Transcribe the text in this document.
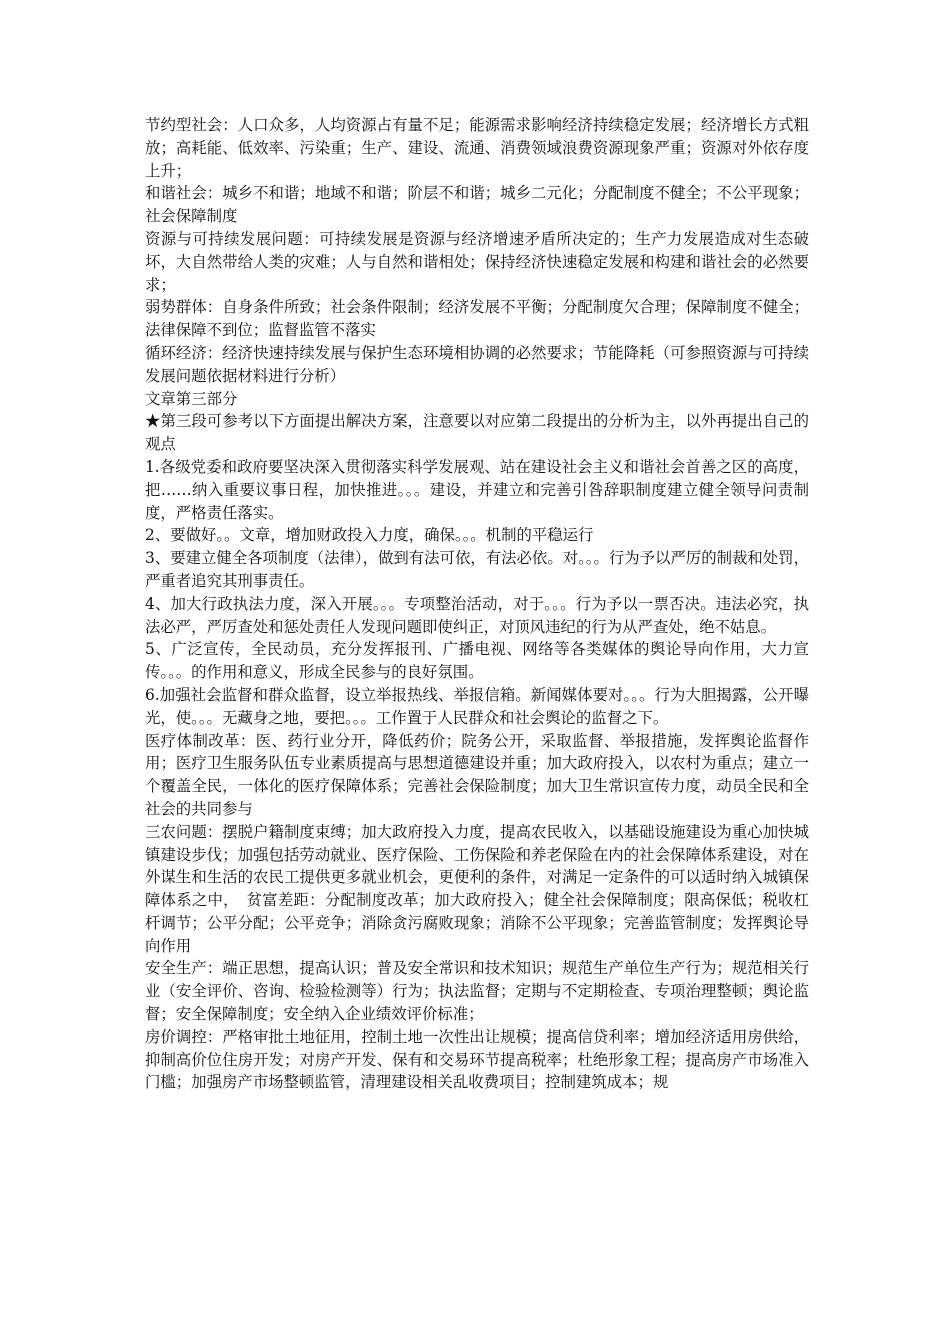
节约型社会：人口众多，人均资源占有量不足；能源需求影响经济持续稳定发展；经济增长方式粗放；高耗能、低效率、污染重；生产、建设、流通、消费领域浪费资源现象严重；资源对外依存度上升；

和谐社会：城乡不和谐；地域不和谐；阶层不和谐；城乡二元化；分配制度不健全；不公平现象；社会保障制度

资源与可持续发展问题：可持续发展是资源与经济增速矛盾所决定的；生产力发展造成对生态破坏，大自然带给人类的灾难；人与自然和谐相处；保持经济快速稳定发展和构建和谐社会的必然要求；

弱势群体：自身条件所致；社会条件限制；经济发展不平衡；分配制度欠合理；保障制度不健全；法律保障不到位；监督监管不落实

循环经济：经济快速持续发展与保护生态环境相协调的必然要求；节能降耗（可参照资源与可持续发展问题依据材料进行分析）

文章第三部分

★第三段可参考以下方面提出解决方案，注意要以对应第二段提出的分析为主，以外再提出自己的观点

1.各级党委和政府要坚决深入贯彻落实科学发展观、站在建设社会主义和谐社会首善之区的高度，把……纳入重要议事日程，加快推进。。。建设，并建立和完善引咎辞职制度建立健全领导问责制度，严格责任落实。

2、要做好。。文章，增加财政投入力度，确保。。。机制的平稳运行

3、要建立健全各项制度（法律），做到有法可依，有法必依。对。。。行为予以严厉的制裁和处罚，严重者追究其刑事责任。

4、加大行政执法力度，深入开展。。。专项整治活动，对于。。。行为予以一票否决。违法必究，执法必严，严厉查处和惩处责任人发现问题即使纠正，对顶风违纪的行为从严查处，绝不姑息。

5、广泛宣传，全民动员，充分发挥报刊、广播电视、网络等各类媒体的舆论导向作用，大力宣传。。。的作用和意义，形成全民参与的良好氛围。

6.加强社会监督和群众监督，设立举报热线、举报信箱。新闻媒体要对。。。行为大胆揭露，公开曝光，使。。。无藏身之地，要把。。。工作置于人民群众和社会舆论的监督之下。

医疗体制改革：医、药行业分开，降低药价；院务公开，采取监督、举报措施，发挥舆论监督作用；医疗卫生服务队伍专业素质提高与思想道德建设并重；加大政府投入，以农村为重点；建立一个覆盖全民，一体化的医疗保障体系；完善社会保险制度；加大卫生常识宣传力度，动员全民和全社会的共同参与

三农问题：摆脱户籍制度束缚；加大政府投入力度，提高农民收入，以基础设施建设为重心加快城镇建设步伐；加强包括劳动就业、医疗保险、工伤保险和养老保险在内的社会保障体系建设，对在外谋生和生活的农民工提供更多就业机会，更便利的条件，对满足一定条件的可以适时纳入城镇保障体系之中，　贫富差距：分配制度改革；加大政府投入；健全社会保障制度；限高保低；税收杠杆调节；公平分配；公平竞争；消除贪污腐败现象；消除不公平现象；完善监管制度；发挥舆论导向作用

安全生产：端正思想，提高认识；普及安全常识和技术知识；规范生产单位生产行为；规范相关行业（安全评价、咨询、检验检测等）行为；执法监督；定期与不定期检查、专项治理整顿；舆论监督；安全保障制度；安全纳入企业绩效评价标准；

房价调控：严格审批土地征用，控制土地一次性出让规模；提高信贷利率；增加经济适用房供给，抑制高价位住房开发；对房产开发、保有和交易环节提高税率；杜绝形象工程；提高房产市场准入门槛；加强房产市场整顿监管，清理建设相关乱收费项目；控制建筑成本；规
